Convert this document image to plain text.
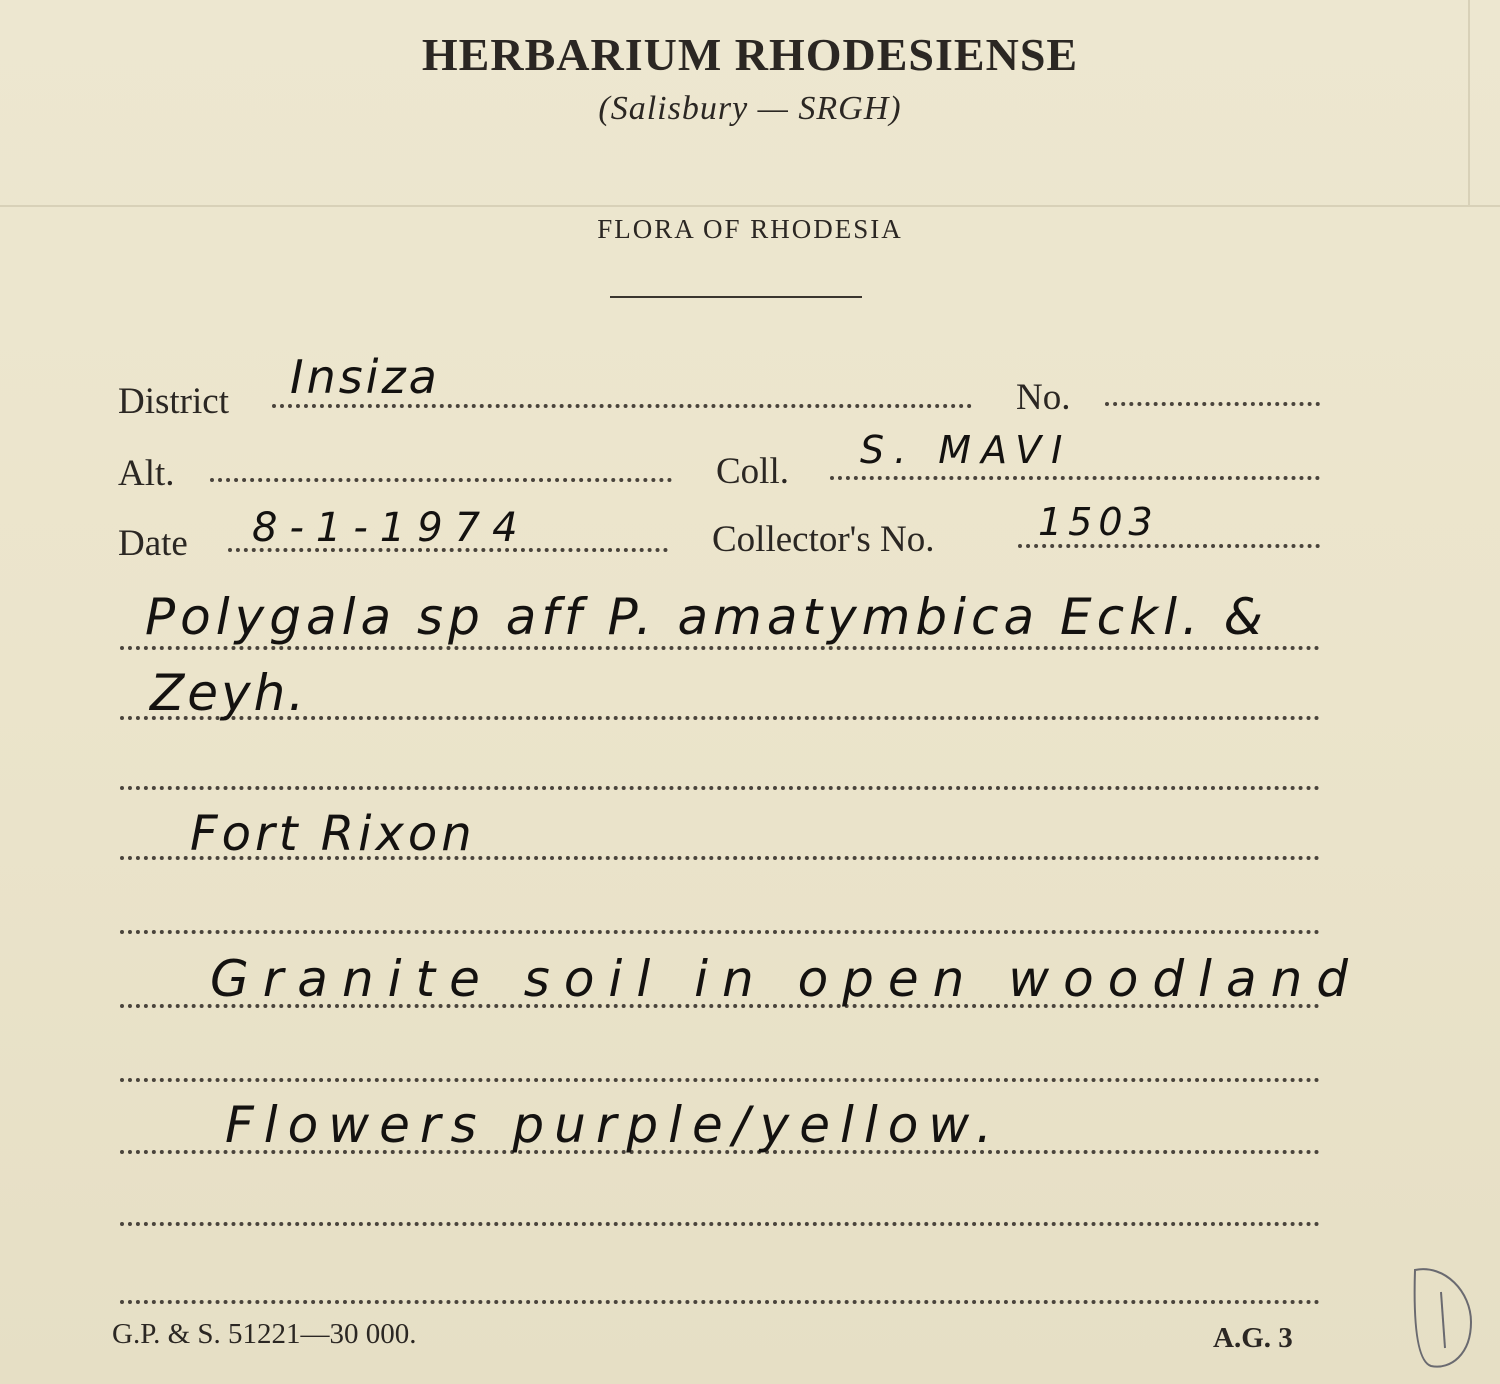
HERBARIUM RHODESIENSE
(Salisbury — SRGH)
FLORA OF RHODESIA
District Insiza	No.
Alt.	Coll. S. MAVI
Date 8-1-1974	Collector's No.	1503
Polygala sp aff P. amatymbica Eckl. &
Zeyh.
Fort Rixon
Granite soil in open woodland
Flowers purple/yellow.
G.P. & S. 51221—30 000.	A.G. 3
